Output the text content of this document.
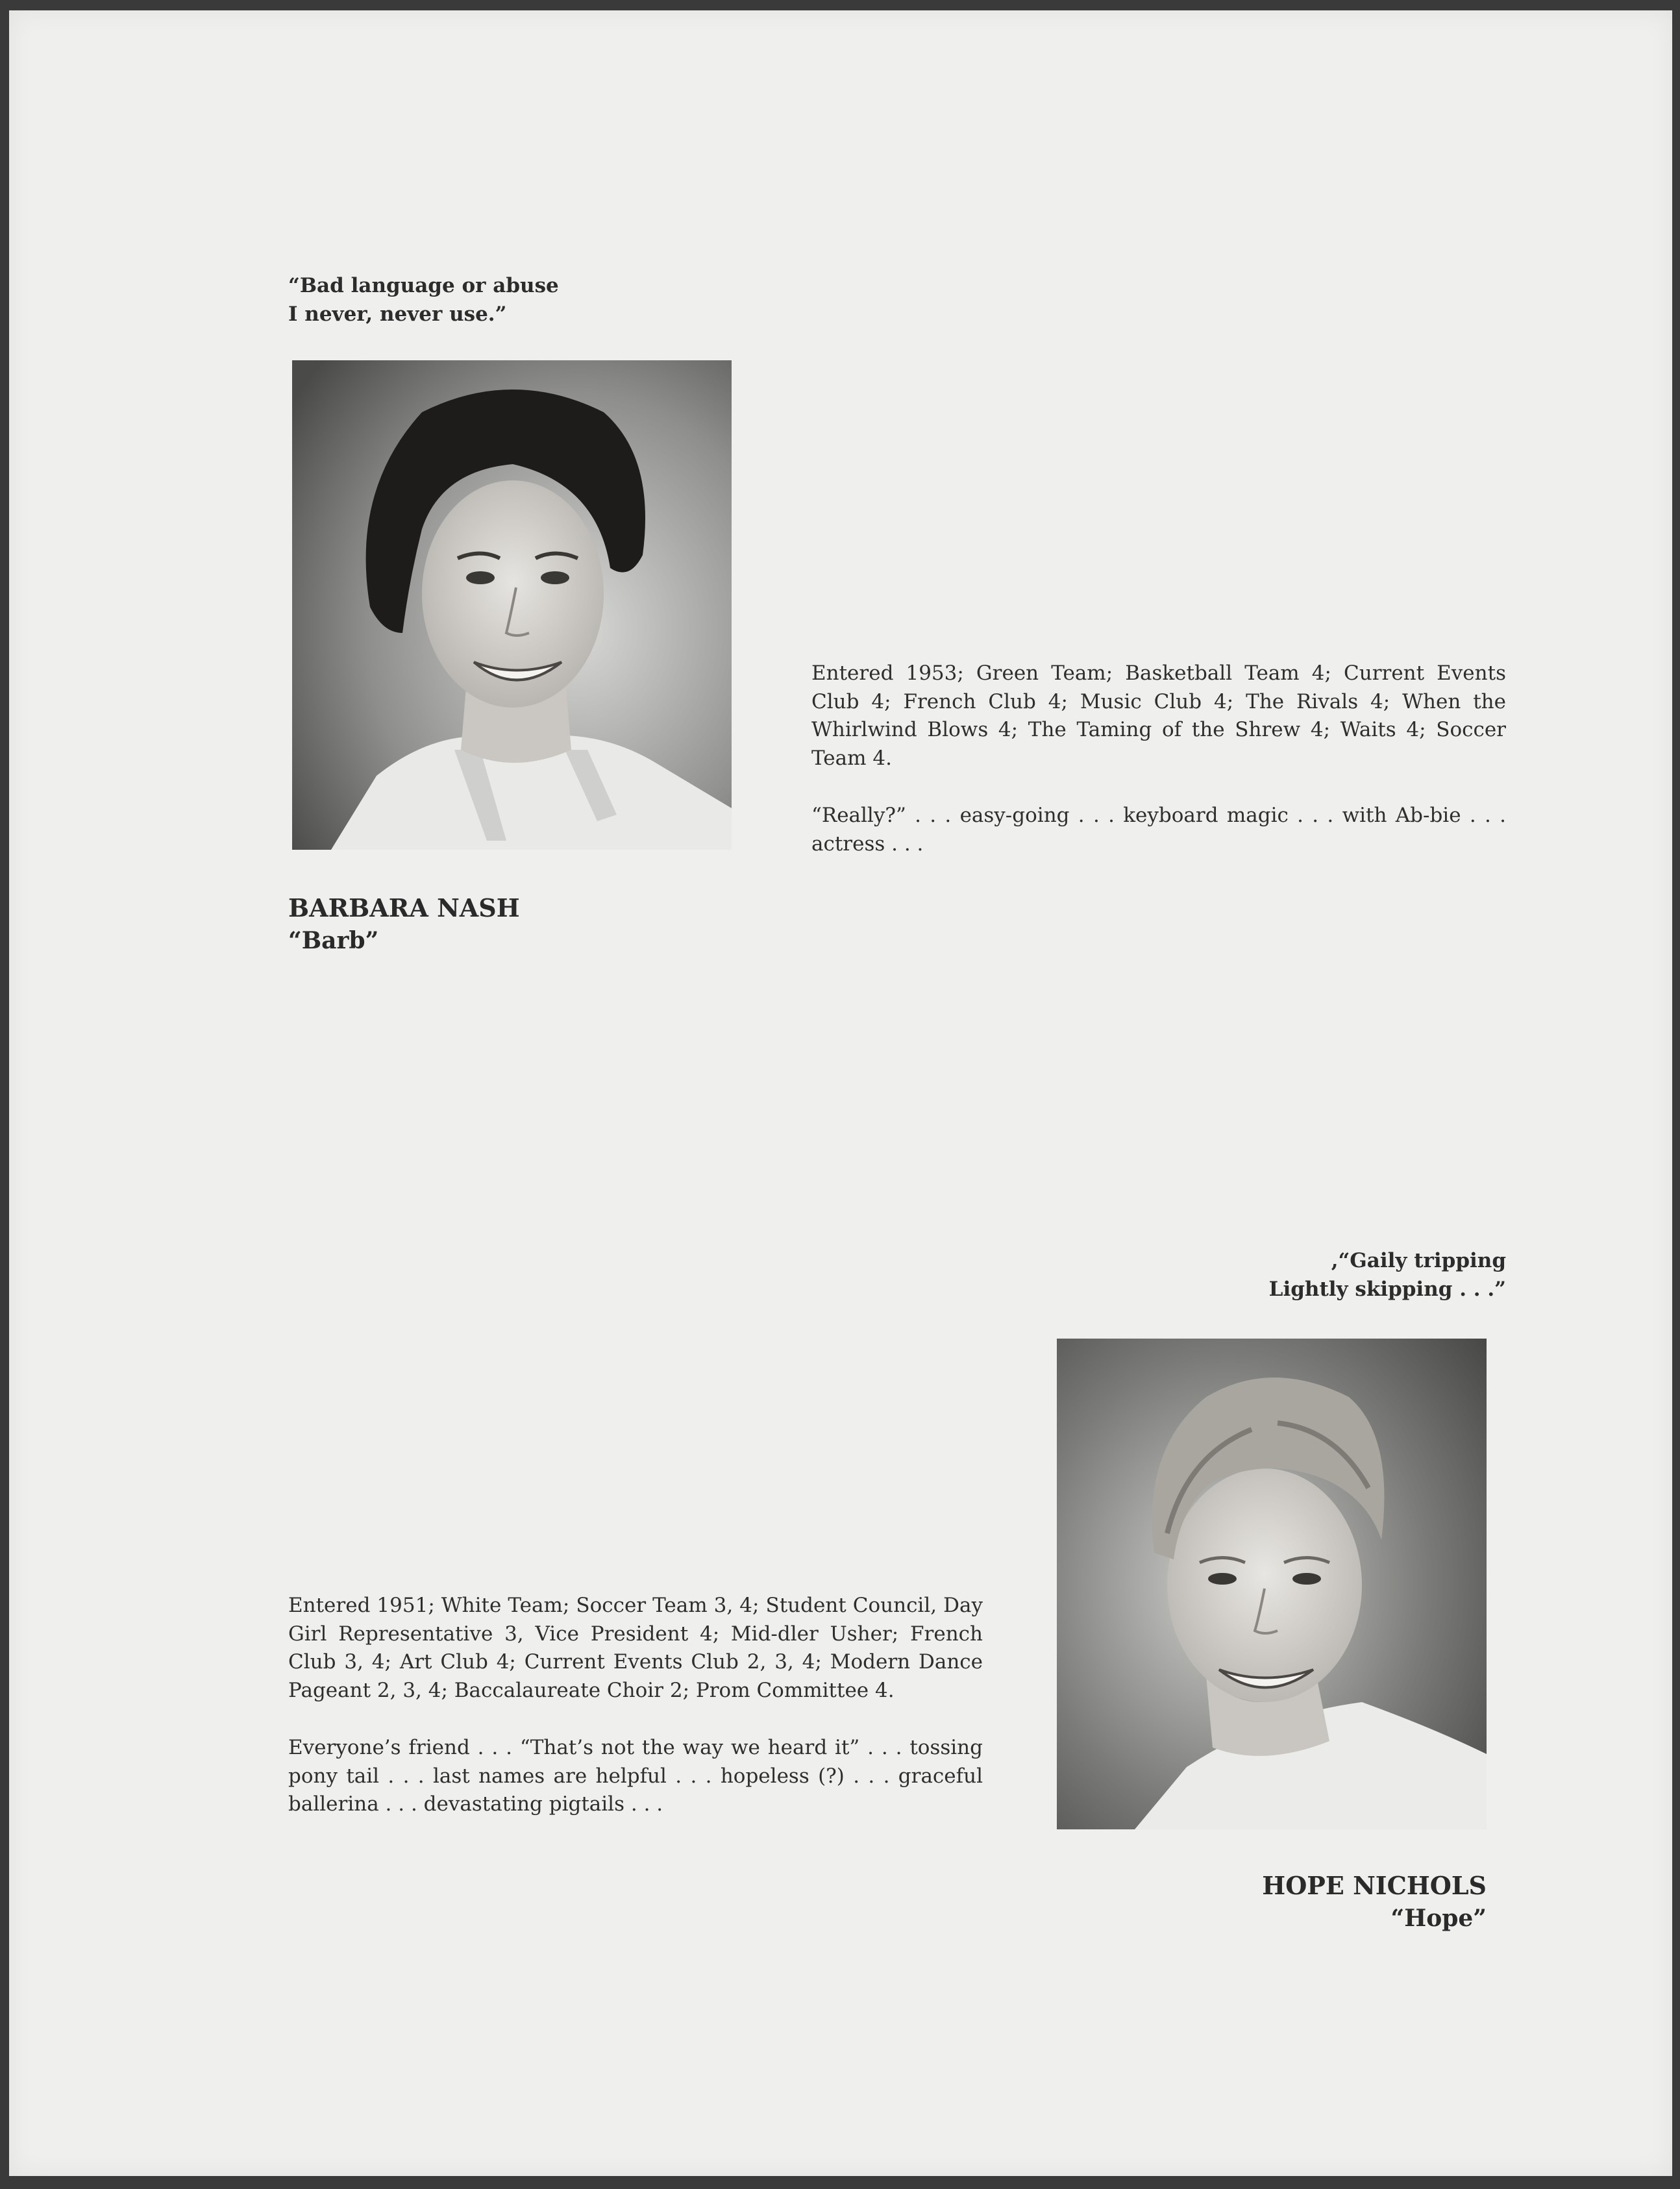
“Bad language or abuse
I never, never use.”

Entered 1953; Green Team; Basketball Team 4; Current Events Club 4; French Club 4; Music Club 4; The Rivals 4; When the Whirlwind Blows 4; The Taming of the Shrew 4; Waits 4; Soccer Team 4.

“Really?” . . . easy-going . . . keyboard magic . . . with Ab-bie . . . actress . . .

BARBARA NASH
“Barb”
,“Gaily tripping
Lightly skipping . . .”

Entered 1951; White Team; Soccer Team 3, 4; Student Council, Day Girl Representative 3, Vice President 4; Mid-dler Usher; French Club 3, 4; Art Club 4; Current Events Club 2, 3, 4; Modern Dance Pageant 2, 3, 4; Baccalaureate Choir 2; Prom Committee 4.

Everyone’s friend . . . “That’s not the way we heard it” . . . tossing pony tail . . . last names are helpful . . . hopeless (?) . . . graceful ballerina . . . devastating pigtails . . .

HOPE NICHOLS
“Hope”
